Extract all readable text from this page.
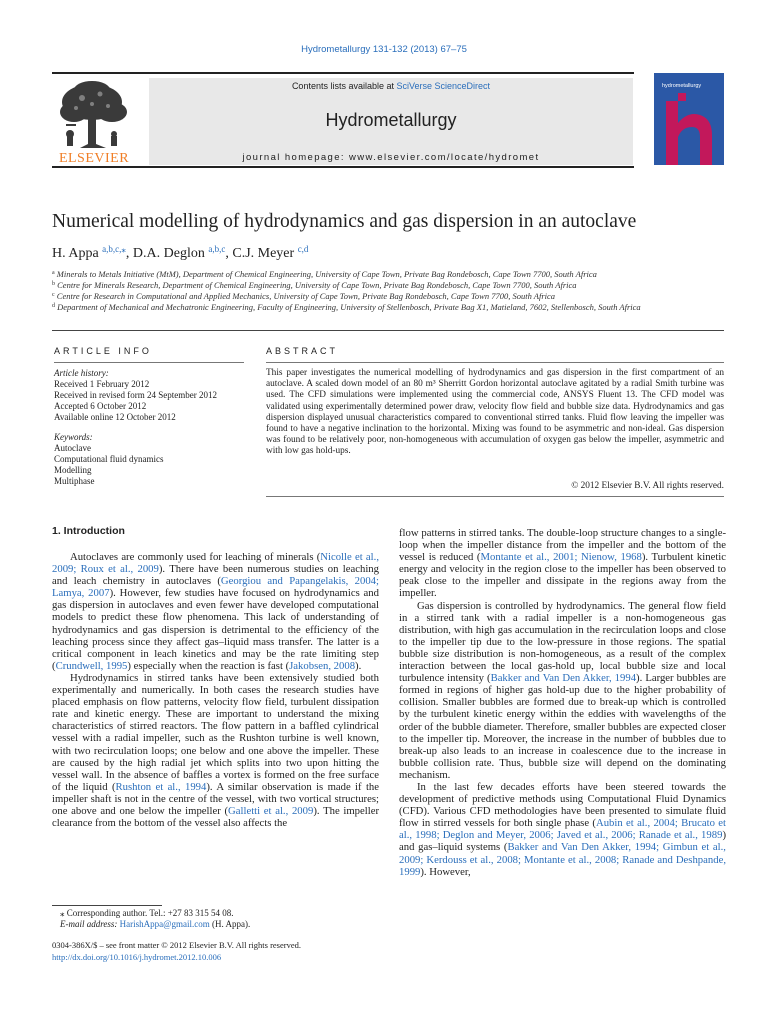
Hydrometallurgy 131-132 (2013) 67–75
ELSEVIER
Contents lists available at SciVerse ScienceDirect
Hydrometallurgy
journal homepage: www.elsevier.com/locate/hydromet
hydrometallurgy
Numerical modelling of hydrodynamics and gas dispersion in an autoclave
H. Appa $^{a,b,c,⁎}$, D.A. Deglon $^{a,b,c}$, C.J. Meyer $^{c,d}$
$^a$ Minerals to Metals Initiative (MtM), Department of Chemical Engineering, University of Cape Town, Private Bag Rondebosch, Cape Town 7700, South Africa
$^b$ Centre for Minerals Research, Department of Chemical Engineering, University of Cape Town, Private Bag Rondebosch, Cape Town 7700, South Africa
$^c$ Centre for Research in Computational and Applied Mechanics, University of Cape Town, Private Bag Rondebosch, Cape Town 7700, South Africa
$^d$ Department of Mechanical and Mechatronic Engineering, Faculty of Engineering, University of Stellenbosch, Private Bag X1, Matieland, 7602, Stellenbosch, South Africa
ARTICLE INFO	ABSTRACT
Article history:
Received 1 February 2012
Received in revised form 24 September 2012
Accepted 6 October 2012
Available online 12 October 2012
Keywords:
Autoclave
Computational fluid dynamics
Modelling
Multiphase
This paper investigates the numerical modelling of hydrodynamics and gas dispersion in the first compartment of an autoclave. A scaled down model of an 80 m³ Sherritt Gordon horizontal autoclave agitated by a radial Smith turbine was used. The CFD simulations were implemented using the commercial code, ANSYS Fluent 13. The CFD model was validated using experimentally determined power draw, velocity flow field and bubble size data. Hydrodynamics and gas dispersion displayed unusual characteristics compared to conventional stirred tanks. Fluid flow leaving the impeller was found to have a negative inclination to the horizontal. Mixing was found to be asymmetric and non-ideal. Gas dispersion was found to be relatively poor, non-homogeneous with accumulation of oxygen gas below the impeller, asymmetric and with low gas hold-ups.
© 2012 Elsevier B.V. All rights reserved.
1. Introduction

Autoclaves are commonly used for leaching of minerals (Nicolle et al., 2009; Roux et al., 2009). There have been numerous studies on leaching and leach chemistry in autoclaves (Georgiou and Papangelakis, 2004; Lamya, 2007). However, few studies have focused on hydrodynamics and gas dispersion in autoclaves and even fewer have developed computational models to predict these flow phenomena. This lack of understanding of hydrodynamics and gas dispersion is detrimental to the efficiency of the leaching process since they affect gas–liquid mass transfer. The latter is a critical component in leach kinetics and may be the rate limiting step (Crundwell, 1995) especially when the reaction is fast (Jakobsen, 2008).

Hydrodynamics in stirred tanks have been extensively studied both experimentally and numerically. In both cases the research studies have placed emphasis on flow patterns, velocity flow field, turbulent dissipation rate and kinetic energy. These are important to understand the mixing characteristics of stirred reactors. The flow pattern in a baffled cylindrical vessel with a radial impeller, such as the Rushton turbine is well known, with two recirculation loops; one below and one above the impeller. These are caused by the high radial jet which splits into two upon hitting the vessel wall. In the absence of baffles a vortex is formed on the free surface of the liquid (Rushton et al., 1994). A similar observation is made if the impeller shaft is not in the centre of the vessel, with two vortical structures; one above and one below the impeller (Galletti et al., 2009). The impeller clearance from the bottom of the vessel also affects the

flow patterns in stirred tanks. The double-loop structure changes to a single-loop when the impeller distance from the impeller and the bottom of the vessel is reduced (Montante et al., 2001; Nienow, 1968). Turbulent kinetic energy and velocity in the region close to the impeller has been observed to peak close to the impeller and dissipate in the regions away from the impeller.

Gas dispersion is controlled by hydrodynamics. The general flow field in a stirred tank with a radial impeller is a non-homogeneous gas distribution, with high gas accumulation in the recirculation loops and close to the impeller tip due to the low-pressure in those regions. The spatial bubble size distribution is non-homogeneous, as a result of the complex interaction between the local gas-hold up, local bubble size and local turbulence intensity (Bakker and Van Den Akker, 1994). Larger bubbles are formed in regions of higher gas hold-up due to the higher probability of collision. Smaller bubbles are formed due to break-up which is controlled by the turbulent kinetic energy within the eddies with wavelengths of the order of the bubble diameter. Therefore, smaller bubbles are expected closer to the impeller tip. Moreover, the increase in the number of bubbles due to break-up also leads to an increase in coalescence due to the increase in bubble collision rate. Thus, bubble size will depend on the dominating mechanism.

In the last few decades efforts have been steered towards the development of predictive methods using Computational Fluid Dynamics (CFD). Various CFD methodologies have been presented to simulate fluid flow in stirred vessels for both single phase (Aubin et al., 2004; Brucato et al., 1998; Deglon and Meyer, 2006; Javed et al., 2006; Ranade et al., 1989) and gas–liquid systems (Bakker and Van Den Akker, 1994; Gimbun et al., 2009; Kerdouss et al., 2008; Montante et al., 2008; Ranade and Deshpande, 1999). However,

⁎ Corresponding author. Tel.: +27 83 315 54 08.
E-mail address: HarishAppa@gmail.com (H. Appa).
0304-386X/$ – see front matter © 2012 Elsevier B.V. All rights reserved.
http://dx.doi.org/10.1016/j.hydromet.2012.10.006
